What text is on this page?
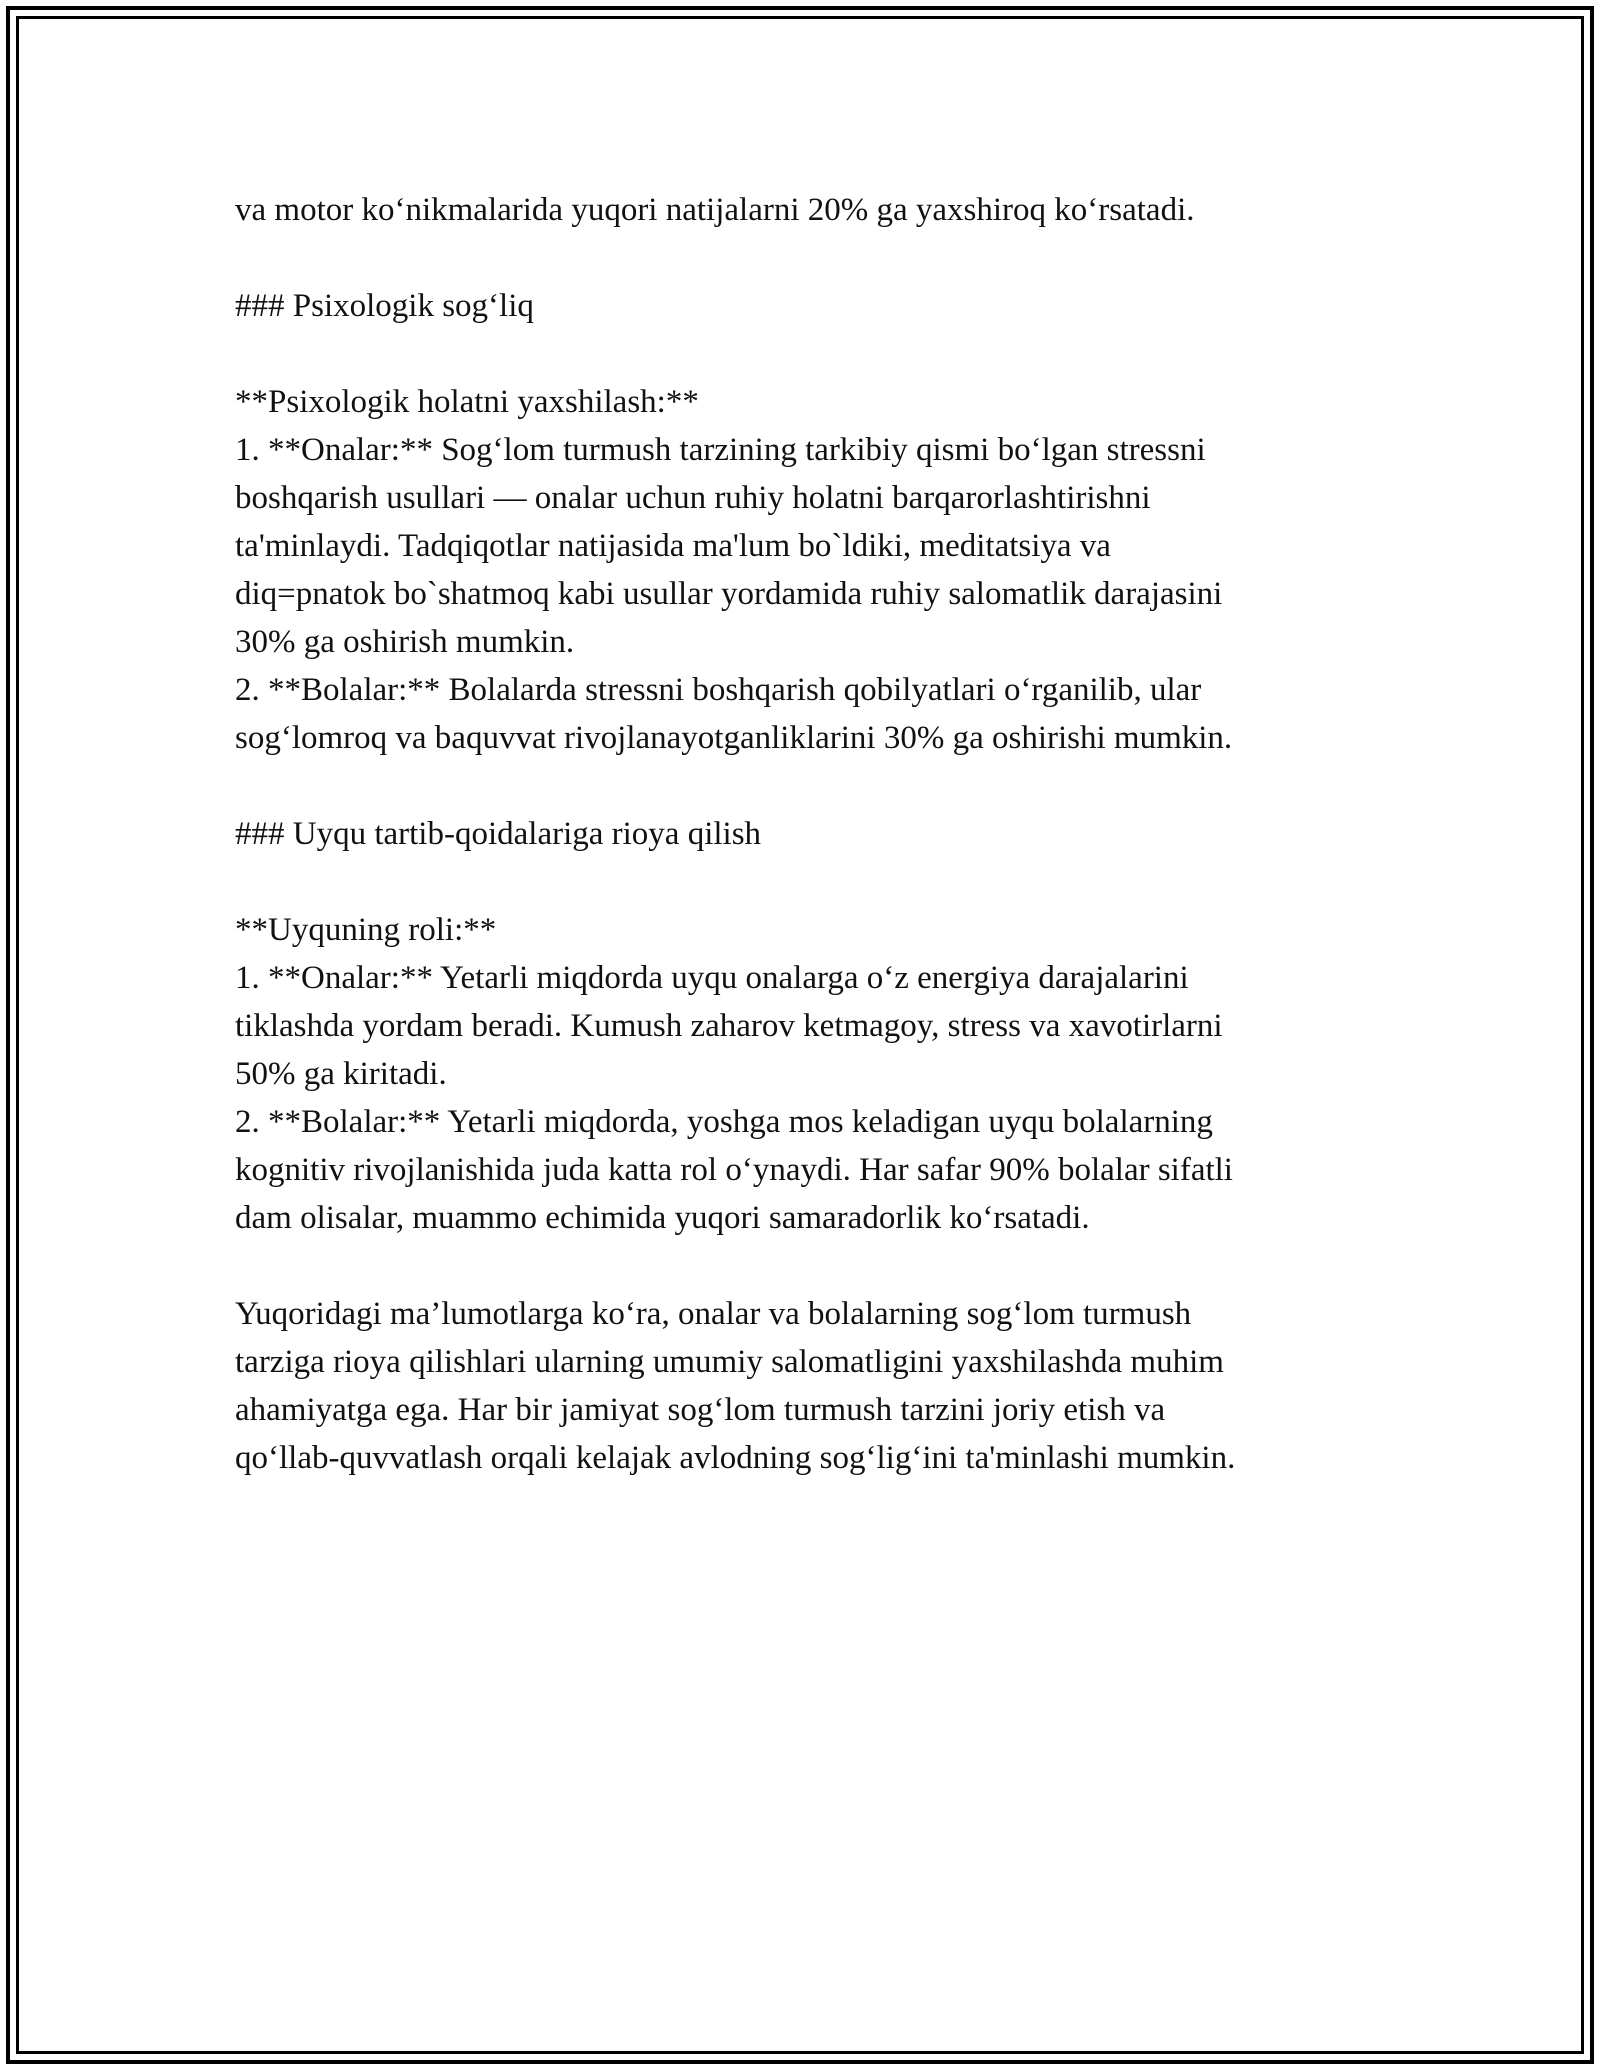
va motor ko‘nikmalarida yuqori natijalarni 20% ga yaxshiroq ko‘rsatadi.

### Psixologik sog‘liq

**Psixologik holatni yaxshilash:**

1. **Onalar:** Sog‘lom turmush tarzining tarkibiy qismi bo‘lgan stressni

boshqarish usullari — onalar uchun ruhiy holatni barqarorlashtirishni

ta'minlaydi. Tadqiqotlar natijasida ma'lum bo`ldiki, meditatsiya va

diq=pnatok bo`shatmoq kabi usullar yordamida ruhiy salomatlik darajasini

30% ga oshirish mumkin.

2. **Bolalar:** Bolalarda stressni boshqarish qobilyatlari o‘rganilib, ular

sog‘lomroq va baquvvat rivojlanayotganliklarini 30% ga oshirishi mumkin.

### Uyqu tartib-qoidalariga rioya qilish

**Uyquning roli:**

1. **Onalar:** Yetarli miqdorda uyqu onalarga o‘z energiya darajalarini

tiklashda yordam beradi. Kumush zaharov ketmagoy, stress va xavotirlarni

50% ga kiritadi.

2. **Bolalar:** Yetarli miqdorda, yoshga mos keladigan uyqu bolalarning

kognitiv rivojlanishida juda katta rol o‘ynaydi. Har safar 90% bolalar sifatli

dam olisalar, muammo echimida yuqori samaradorlik ko‘rsatadi.

Yuqoridagi ma’lumotlarga ko‘ra, onalar va bolalarning sog‘lom turmush

tarziga rioya qilishlari ularning umumiy salomatligini yaxshilashda muhim

ahamiyatga ega. Har bir jamiyat sog‘lom turmush tarzini joriy etish va

qo‘llab-quvvatlash orqali kelajak avlodning sog‘lig‘ini ta'minlashi mumkin.
